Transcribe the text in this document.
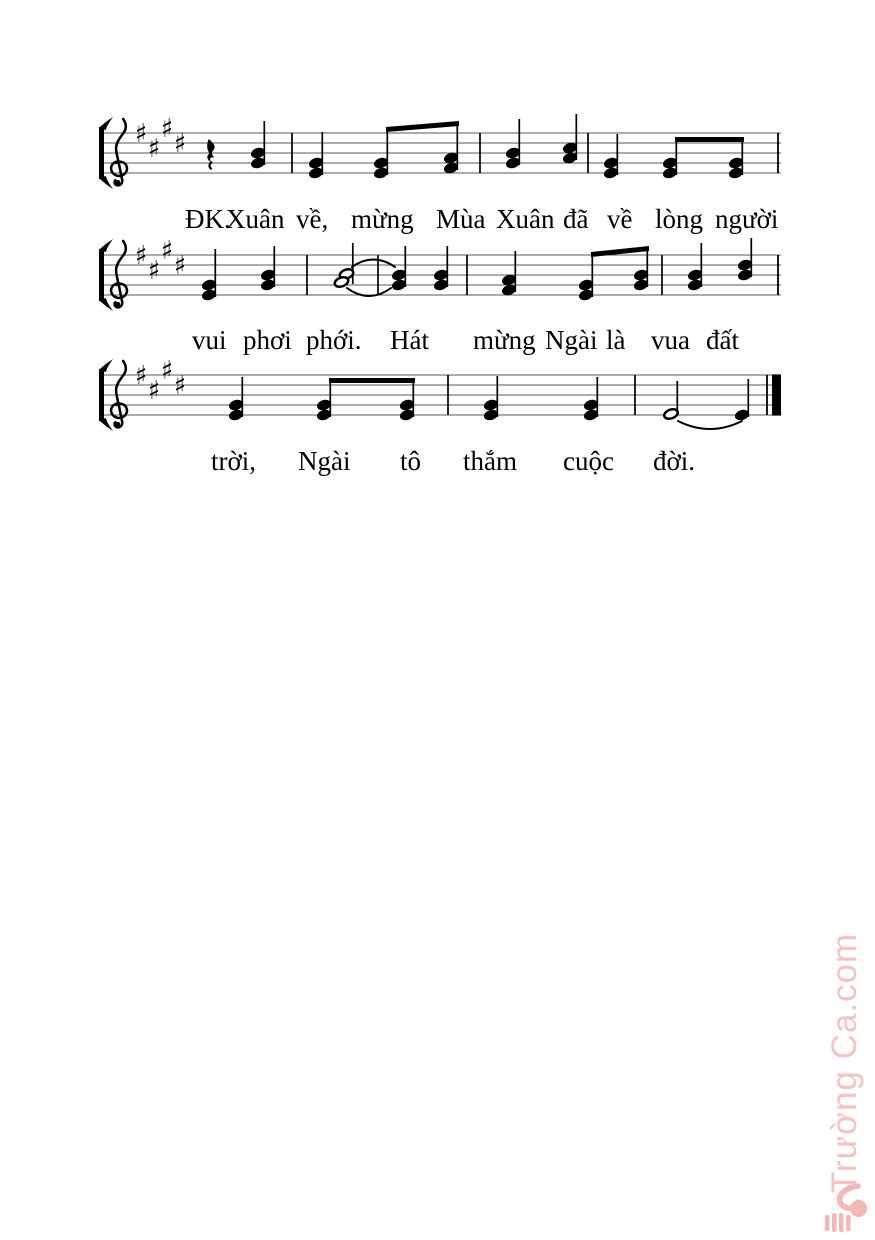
♯ ♯
♯ ♯
♯ ♯
♯ ♯
♯ ♯
♯ ♯
ĐK.
Xuân về, mừng Mùa Xuân đã về lòng người
vui phơi phới. Hát mừng Ngài là vua đất
trời, Ngài tô thắm cuộc đời.
Trường Ca.com
